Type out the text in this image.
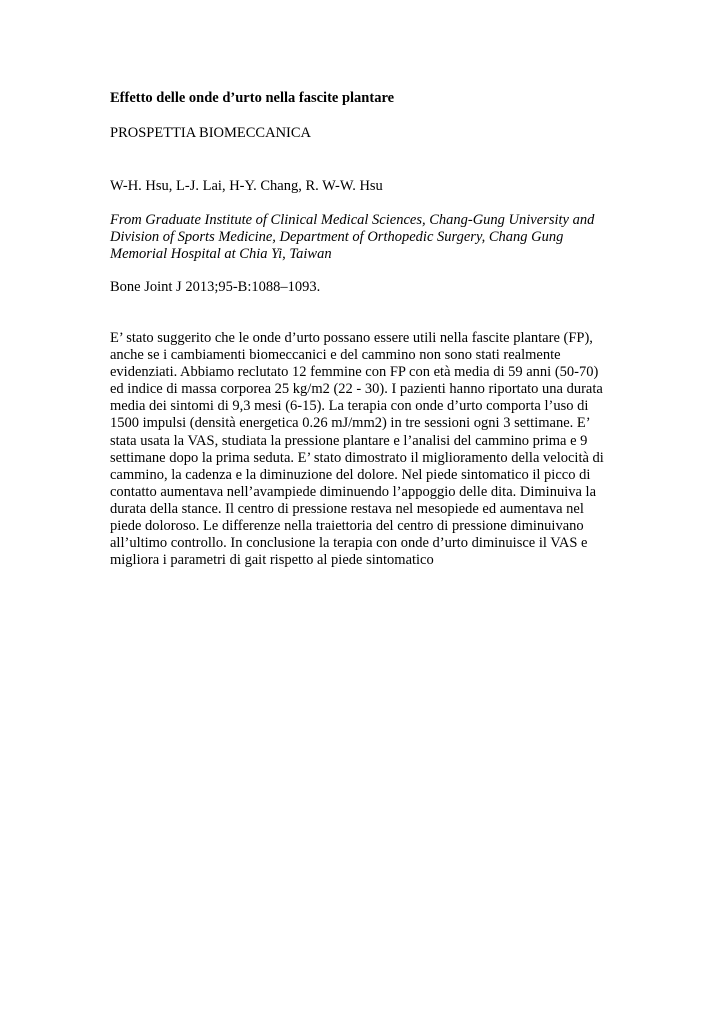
Effetto delle onde d’urto nella fascite plantare

PROSPETTIA BIOMECCANICA

W-H. Hsu, L-J. Lai, H-Y. Chang, R. W-W. Hsu

From Graduate Institute of Clinical Medical Sciences, Chang-Gung University and
Division of Sports Medicine, Department of Orthopedic Surgery, Chang Gung
Memorial Hospital at Chia Yi, Taiwan

Bone Joint J 2013;95-B:1088–1093.

E’ stato suggerito che le onde d’urto possano essere utili nella fascite plantare (FP),
anche se i cambiamenti biomeccanici e del cammino non sono stati realmente
evidenziati. Abbiamo reclutato 12 femmine con FP con età media di 59 anni (50-70)
ed indice di massa corporea 25 kg/m2 (22 - 30). I pazienti hanno riportato una durata
media dei sintomi di 9,3 mesi (6-15). La terapia con onde d’urto comporta l’uso di
1500 impulsi (densità energetica 0.26 mJ/mm2) in tre sessioni ogni 3 settimane. E’
stata usata la VAS, studiata la pressione plantare e l’analisi del cammino prima e 9
settimane dopo la prima seduta. E’ stato dimostrato il miglioramento della velocità di
cammino, la cadenza e la diminuzione del dolore. Nel piede sintomatico il picco di
contatto aumentava nell’avampiede diminuendo l’appoggio delle dita. Diminuiva la
durata della stance. Il centro di pressione restava nel mesopiede ed aumentava nel
piede doloroso. Le differenze nella traiettoria del centro di pressione diminuivano
all’ultimo controllo. In conclusione la terapia con onde d’urto diminuisce il VAS e
migliora i parametri di gait rispetto al piede sintomatico
